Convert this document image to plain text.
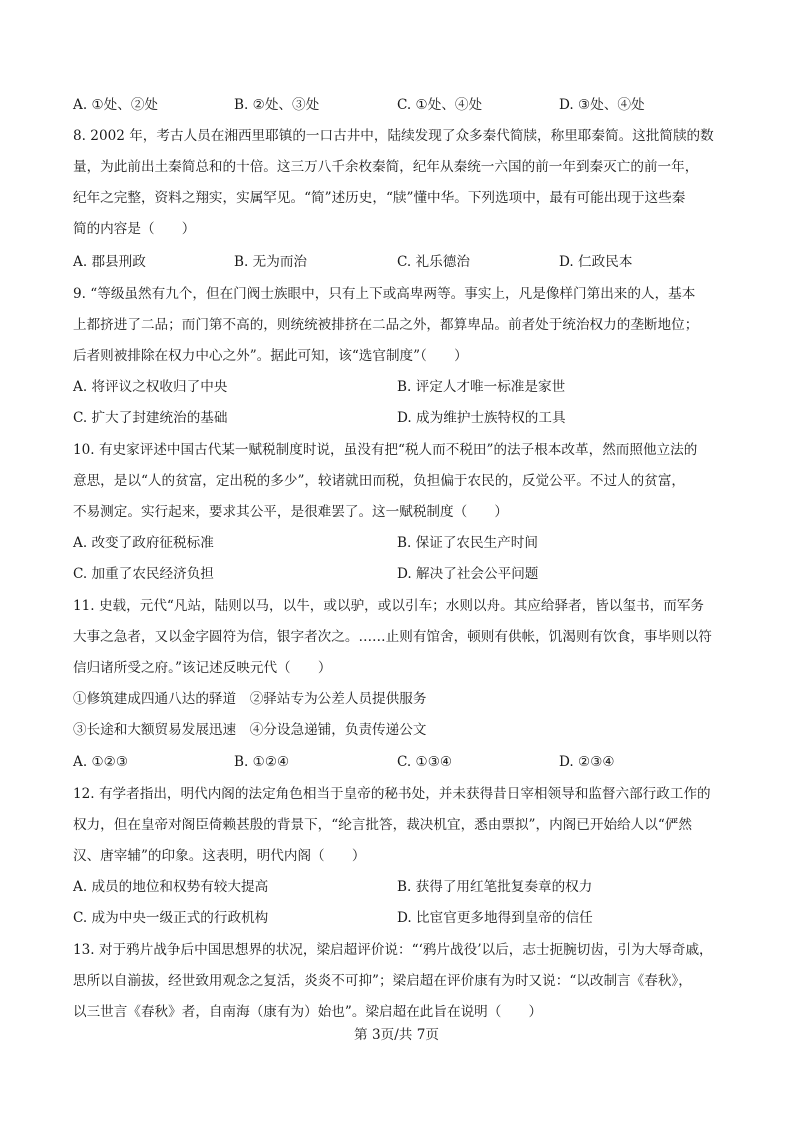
A. ①处、②处	B. ②处、③处	C. ①处、④处	D. ③处、④处
8. 2002 年，考古人员在湘西里耶镇的一口古井中，陆续发现了众多秦代简牍，称里耶秦简。这批简牍的数
量，为此前出土秦简总和的十倍。这三万八千余枚秦简，纪年从秦统一六国的前一年到秦灭亡的前一年，
纪年之完整，资料之翔实，实属罕见。“简”述历史，“牍”懂中华。下列选项中，最有可能出现于这些秦
简的内容是（　　）
A. 郡县刑政	B. 无为而治	C. 礼乐德治	D. 仁政民本
9. “等级虽然有九个，但在门阀士族眼中，只有上下或高卑两等。事实上，凡是像样门第出来的人，基本
上都挤进了二品；而门第不高的，则统统被排挤在二品之外，都算卑品。前者处于统治权力的垄断地位；
后者则被排除在权力中心之外”。据此可知，该“选官制度”（　　）
A. 将评议之权收归了中央	B. 评定人才唯一标准是家世
C. 扩大了封建统治的基础	D. 成为维护士族特权的工具
10. 有史家评述中国古代某一赋税制度时说，虽没有把“税人而不税田”的法子根本改革，然而照他立法的
意思，是以“人的贫富，定出税的多少”，较诸就田而税，负担偏于农民的，反觉公平。不过人的贫富，
不易测定。实行起来，要求其公平，是很难罢了。这一赋税制度（　　）
A. 改变了政府征税标准	B. 保证了农民生产时间
C. 加重了农民经济负担	D. 解决了社会公平问题
11. 史载，元代“凡站，陆则以马，以牛，或以驴，或以引车；水则以舟。其应给驿者，皆以玺书，而军务
大事之急者，又以金字圆符为信，银字者次之。……止则有馆舍，顿则有供帐，饥渴则有饮食，事毕则以符
信归诸所受之府。”该记述反映元代（　　）
①修筑建成四通八达的驿道　②驿站专为公差人员提供服务
③长途和大额贸易发展迅速　④分设急递铺，负责传递公文
A. ①②③	B. ①②④	C. ①③④	D. ②③④
12. 有学者指出，明代内阁的法定角色相当于皇帝的秘书处，并未获得昔日宰相领导和监督六部行政工作的
权力，但在皇帝对阁臣倚赖甚殷的背景下，“纶言批答，裁决机宜，悉由票拟”，内阁已开始给人以“俨然
汉、唐宰辅”的印象。这表明，明代内阁（　　）
A. 成员的地位和权势有较大提高	B. 获得了用红笔批复奏章的权力
C. 成为中央一级正式的行政机构	D. 比宦官更多地得到皇帝的信任
13. 对于鸦片战争后中国思想界的状况，梁启超评价说：“‘鸦片战役’以后，志士扼腕切齿，引为大辱奇戚，
思所以自湔拔，经世致用观念之复活，炎炎不可抑”；梁启超在评价康有为时又说：“以改制言《春秋》，
以三世言《春秋》者，自南海（康有为）始也”。梁启超在此旨在说明（　　）
第 3页/共 7页
